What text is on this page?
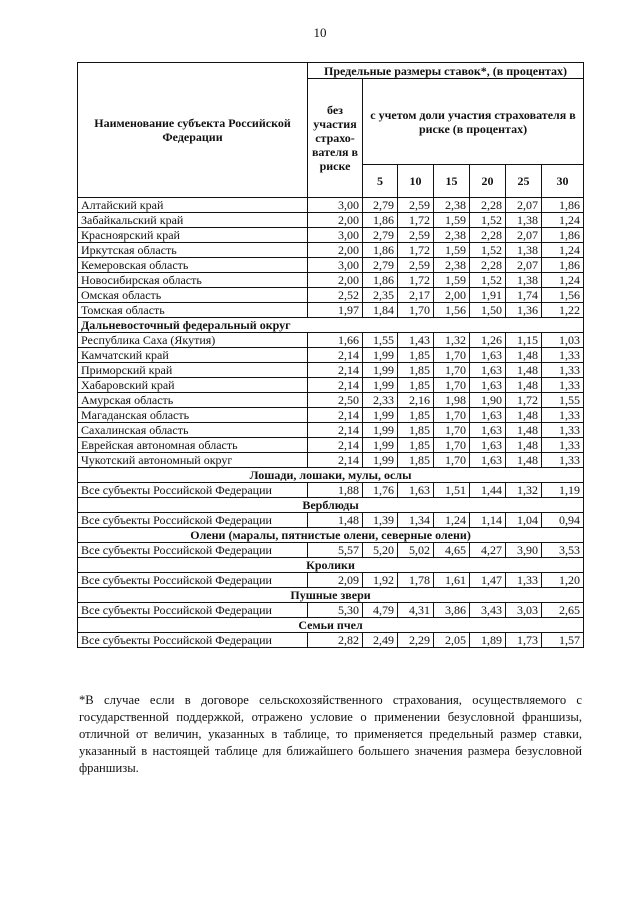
10
Наименование субъекта Российской Федерации	Предельные размеры ставок*, (в процентах)						
	без участия страхо-вателя в риске	с учетом доли участия страхователя в риске (в процентах)					
		5	10	15	20	25	30
Алтайский край	3,00	2,79	2,59	2,38	2,28	2,07	1,86
Забайкальский край	2,00	1,86	1,72	1,59	1,52	1,38	1,24
Красноярский край	3,00	2,79	2,59	2,38	2,28	2,07	1,86
Иркутская область	2,00	1,86	1,72	1,59	1,52	1,38	1,24
Кемеровская область	3,00	2,79	2,59	2,38	2,28	2,07	1,86
Новосибирская область	2,00	1,86	1,72	1,59	1,52	1,38	1,24
Омская область	2,52	2,35	2,17	2,00	1,91	1,74	1,56
Томская область	1,97	1,84	1,70	1,56	1,50	1,36	1,22
Дальневосточный федеральный округ							
Республика Саха (Якутия)	1,66	1,55	1,43	1,32	1,26	1,15	1,03
Камчатский край	2,14	1,99	1,85	1,70	1,63	1,48	1,33
Приморский край	2,14	1,99	1,85	1,70	1,63	1,48	1,33
Хабаровский край	2,14	1,99	1,85	1,70	1,63	1,48	1,33
Амурская область	2,50	2,33	2,16	1,98	1,90	1,72	1,55
Магаданская область	2,14	1,99	1,85	1,70	1,63	1,48	1,33
Сахалинская область	2,14	1,99	1,85	1,70	1,63	1,48	1,33
Еврейская автономная область	2,14	1,99	1,85	1,70	1,63	1,48	1,33
Чукотский автономный округ	2,14	1,99	1,85	1,70	1,63	1,48	1,33
Лошади, лошаки, мулы, ослы							
Все субъекты Российской Федерации	1,88	1,76	1,63	1,51	1,44	1,32	1,19
Верблюды							
Все субъекты Российской Федерации	1,48	1,39	1,34	1,24	1,14	1,04	0,94
Олени (маралы, пятнистые олени, северные олени)							
Все субъекты Российской Федерации	5,57	5,20	5,02	4,65	4,27	3,90	3,53
Кролики							
Все субъекты Российской Федерации	2,09	1,92	1,78	1,61	1,47	1,33	1,20
Пушные звери							
Все субъекты Российской Федерации	5,30	4,79	4,31	3,86	3,43	3,03	2,65
Семьи пчел							
Все субъекты Российской Федерации	2,82	2,49	2,29	2,05	1,89	1,73	1,57
*В случае если в договоре сельскохозяйственного страхования, осуществляемого с государственной поддержкой, отражено условие о применении безусловной франшизы, отличной от величин, указанных в таблице, то применяется предельный размер ставки, указанный в настоящей таблице для ближайшего большего значения размера безусловной франшизы.
